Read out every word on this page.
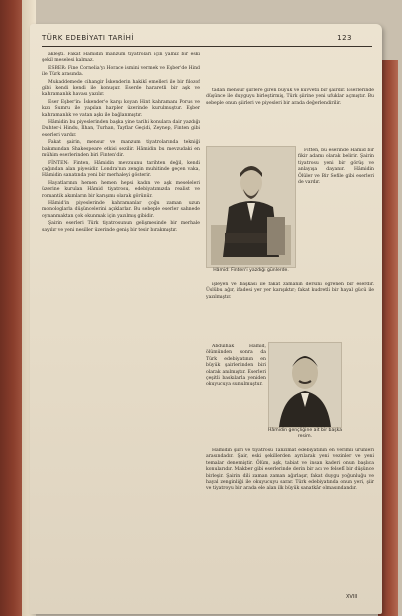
TÜRK EDEBİYATI TARİHİ	123

akleşti. Fakat Hâmidin manzum tiyatroları için yalnız bir eski şekil meselesi kalmaz.

ESBER: Fine Cornelia'yı Horace ismini vermek ve Eşber'de Hind ile Türk arasında.

Mukaddemede cihangir İskenderin hakikî emelleri ile bir filozof gibi kendi kendi ile konuşur. Eserde hararetli bir aşk ve kahramanlık havası yazılır.

Eser Eşber'in: İskender'e karşı koyan Hint kahramanı Porus ve kızı Sumru ile yapılan harpler üzerinde kurulmuştur. Eşber kahramanlık ve vatan aşkı ile bağlanmıştır.

Hâmidin bu piyeslerinden başka yine tarihi konulara dair yazdığı Duhter-i Hindu, İlhan, Turhan, Tayflar Geçidi, Zeynep, Finten gibi eserleri vardır.

Fakat şairin, mensur ve manzum tiyatrolarında tekniği bakımından Shakespeare etkisi sezilir. Hâmidin bu mevzudaki en mühim eserlerinden biri Finten'dir.

FİNTEN: Finten, Hâmidin mevzuunu tarihten değil, kendi çağından alan piyesidir. Londra'nın zengin muhitinde geçen vaka, Hâmidin sanatında yeni bir merhaleyi gösterir.

Hayatlarının hemen hemen hepsi kadın ve aşk meseleleri üzerine kurulan Hâmid tiyatrosu, edebiyatımızda realist ve romantik akımların bir karışımı olarak görünür.

Hâmid'in piyeslerinde kahramanlar çoğu zaman uzun monologlarla düşüncelerini açıklarlar. Bu sebeple eserler sahnede oynanmaktan çok okunmak için yazılmış gibidir.

Şairin eserleri Türk tiyatrosunun gelişmesinde bir merhale sayılır ve yeni nesiller üzerinde geniş bir tesir bırakmıştır.

tadan mensur şiirlere giren büyük ve kuvvetli bir şairdir. Eserlerinde düşünce ile duyguyu birleştirmiş, Türk şiirine yeni ufuklar açmıştır. Bu sebeple onun şiirleri ve piyesleri bir arada değerlendirilir.

Hâmid: Finten'i yazdığı günlerde.

Fitten, bu eserinde Hâmid bir fikir adamı olarak belirir. Şairin tiyatrosu yeni bir görüş ve anlayışa dayanır. Hâmidin Ölüler ve Bir Sefile gibi eserleri de vardır.

işleyen ve başkası ile fakat zamanın dersini öğrenen bir eserdir. Üslûbu ağır, ifadesi yer yer karışıktır; fakat kudretli bir hayal gücü ile yazılmıştır.

Abdülhak Hâmid, ölümünden sonra da Türk edebiyatının en büyük şairlerinden biri olarak anılmıştır. Eserleri çeşitli baskılarla yeniden okuyucuya sunulmuştur.

Hâmidin gençliğine ait bir başka resim.

Hâmidin şiiri ve tiyatrosu Tanzimat edebiyatının en verimli ürünleri arasındadır. Şair, eski şekillerden ayrılarak yeni vezinler ve yeni temalar denemiştir. Ölüm, aşk, tabiat ve insan kaderi onun başlıca konularıdır. Makber gibi eserlerinde derin bir acı ve felsefî bir düşünce birleşir. Şairin dili zaman zaman ağırlaşır, fakat duygu yoğunluğu ve hayal zenginliği ile okuyucuyu sarar. Türk edebiyatında onun yeri, şiir ve tiyatroyu bir arada ele alan ilk büyük sanatkâr olmasındandır.

XVIII
